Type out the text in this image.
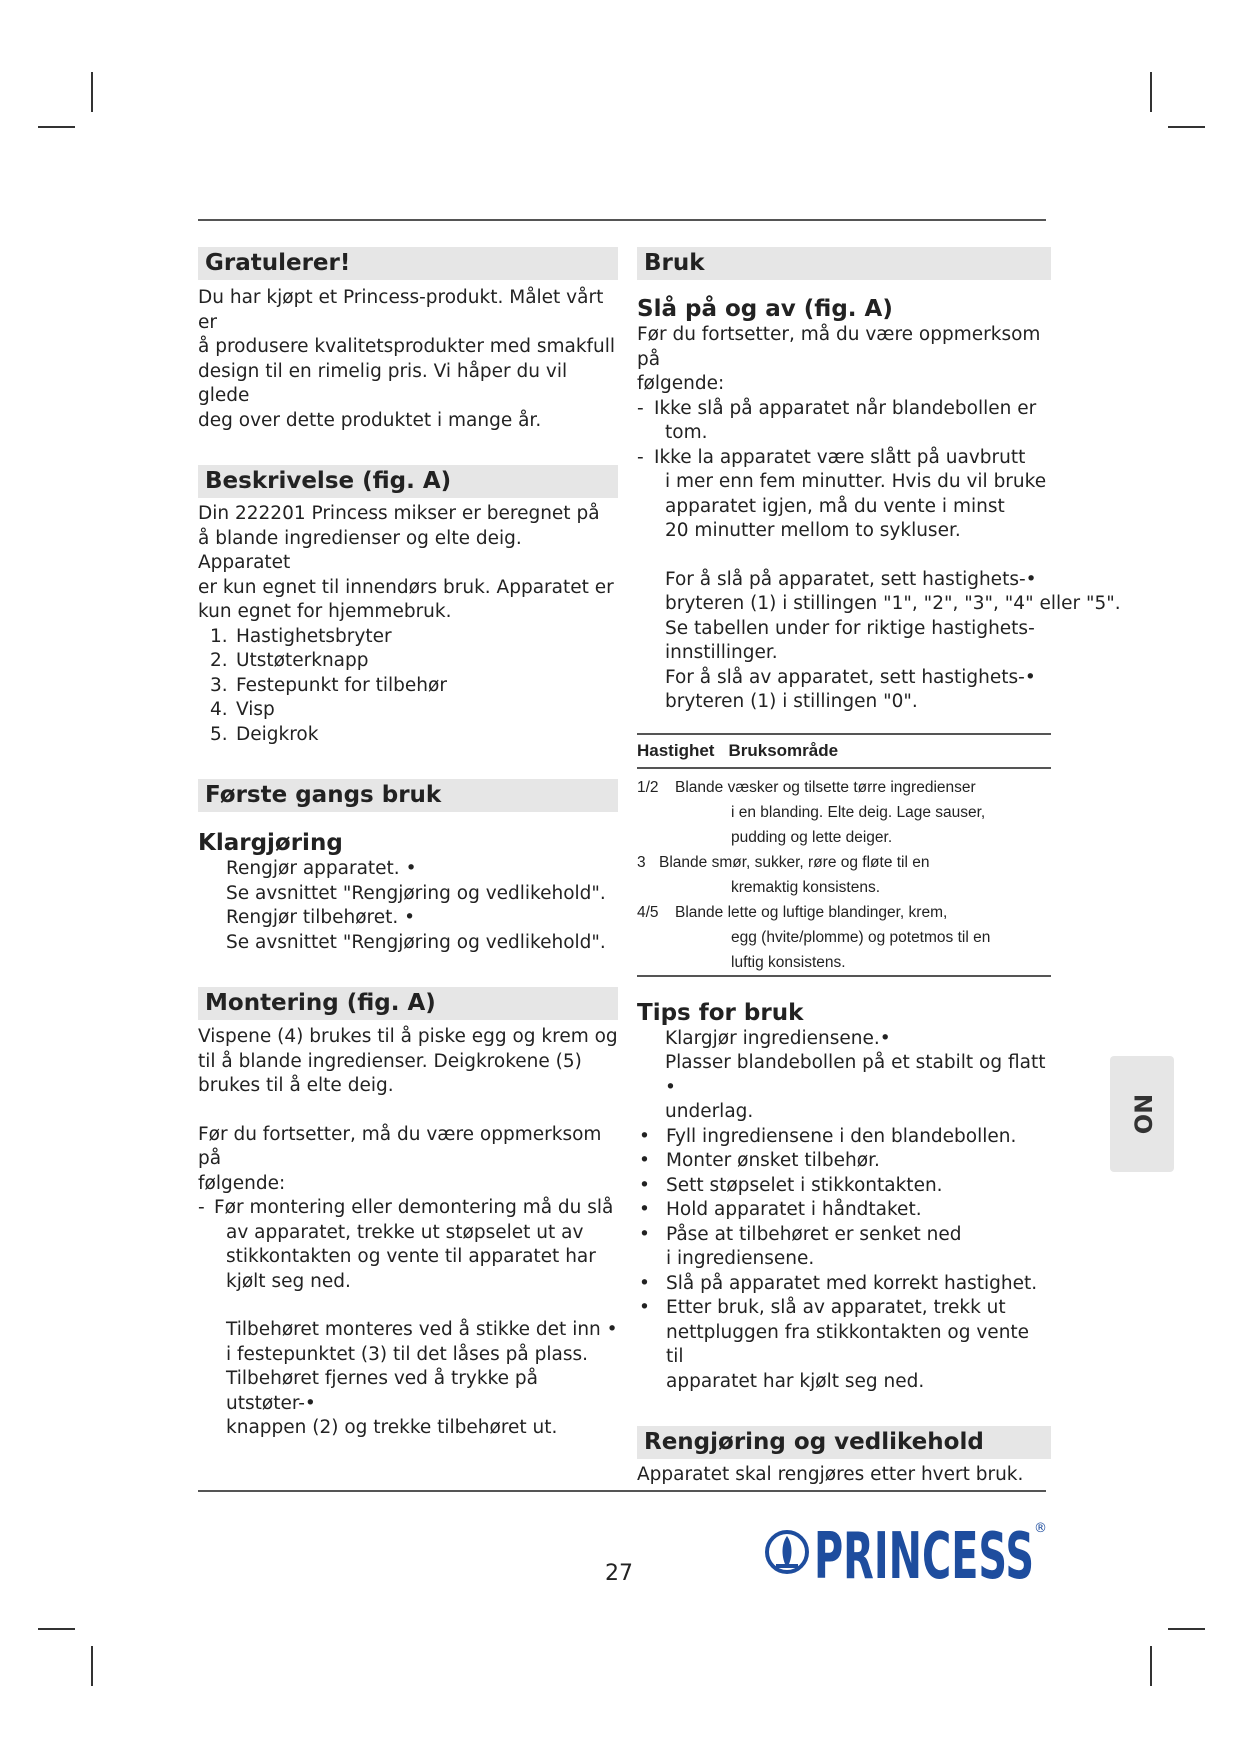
Gratulerer!

Du har kjøpt et Princess-produkt. Målet vårt er

å produsere kvalitetsprodukter med smakfull

design til en rimelig pris. Vi håper du vil glede

deg over dette produktet i mange år.

Beskrivelse (fig. A)

Din 222201 Princess mikser er beregnet på

å blande ingredienser og elte deig. Apparatet

er kun egnet til innendørs bruk. Apparatet er

kun egnet for hjemmebruk.

1. Hastighetsbryter
2. Utstøterknapp
3. Festepunkt for tilbehør
4. Visp
5. Deigkrok
Første gangs bruk
Klargjøring

Rengjør apparatet. •

Se avsnittet "Rengjøring og vedlikehold".

Rengjør tilbehøret. •

Se avsnittet "Rengjøring og vedlikehold".

Montering (fig. A)

Vispene (4) brukes til å piske egg og krem og

til å blande ingredienser. Deigkrokene (5)

brukes til å elte deig.

Før du fortsetter, må du være oppmerksom på

følgende:

- Før montering eller demontering må du slå
av apparatet, trekke ut støpselet ut av
stikkontakten og vente til apparatet har
kjølt seg ned.

Tilbehøret monteres ved å stikke det inn •

i festepunktet (3) til det låses på plass.

Tilbehøret fjernes ved å trykke på utstøter-•

knappen (2) og trekke tilbehøret ut.

Bruk
Slå på og av (fig. A)

Før du fortsetter, må du være oppmerksom på

følgende:

- Ikke slå på apparatet når blandebollen er
tom.
- Ikke la apparatet være slått på uavbrutt
i mer enn fem minutter. Hvis du vil bruke
apparatet igjen, må du vente i minst
20 minutter mellom to sykluser.

For å slå på apparatet, sett hastighets-•

bryteren (1) i stillingen "1", "2", "3", "4" eller "5".

Se tabellen under for riktige hastighets-

innstillinger.

For å slå av apparatet, sett hastighets-•

bryteren (1) i stillingen "0".

Hastighet Bruksområde
1/2 Blande væsker og tilsette tørre ingredienser
i en blanding. Elte deig. Lage sauser,
pudding og lette deiger.
3 Blande smør, sukker, røre og fløte til en
kremaktig konsistens.
4/5 Blande lette og luftige blandinger, krem,
egg (hvite/plomme) og potetmos til en
luftig konsistens.
Tips for bruk

Klargjør ingrediensene.•

Plasser blandebollen på et stabilt og flatt •

underlag.

• Fyll ingrediensene i den blandebollen.
• Monter ønsket tilbehør.
• Sett støpselet i stikkontakten.
• Hold apparatet i håndtaket.
• Påse at tilbehøret er senket ned
i ingrediensene.
• Slå på apparatet med korrekt hastighet.
• Etter bruk, slå av apparatet, trekk ut
nettpluggen fra stikkontakten og vente til
apparatet har kjølt seg ned.
Rengjøring og vedlikehold

Apparatet skal rengjøres etter hvert bruk.

NO
27	PRINCESS ®
